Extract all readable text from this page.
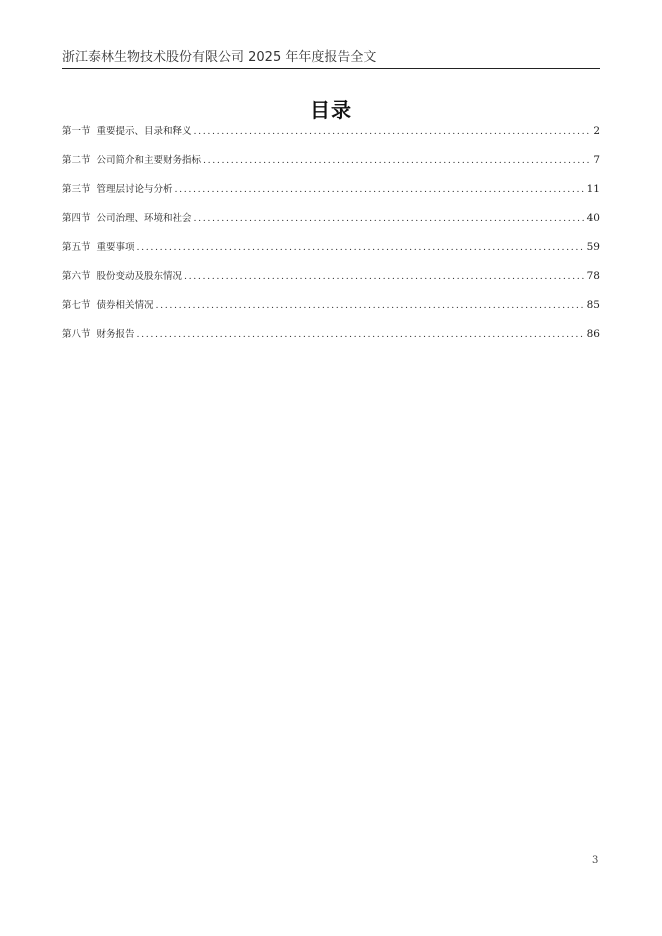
浙江泰林生物技术股份有限公司 2025 年年度报告全文
目录
第一节 重要提示、目录和释义 .....	2
第二节 公司简介和主要财务指标 .....	7
第三节 管理层讨论与分析 .....	11
第四节 公司治理、环境和社会 .....	40
第五节 重要事项 .....	59
第六节 股份变动及股东情况 .....	78
第七节 债券相关情况 .....	85
第八节 财务报告 .....	86
3
